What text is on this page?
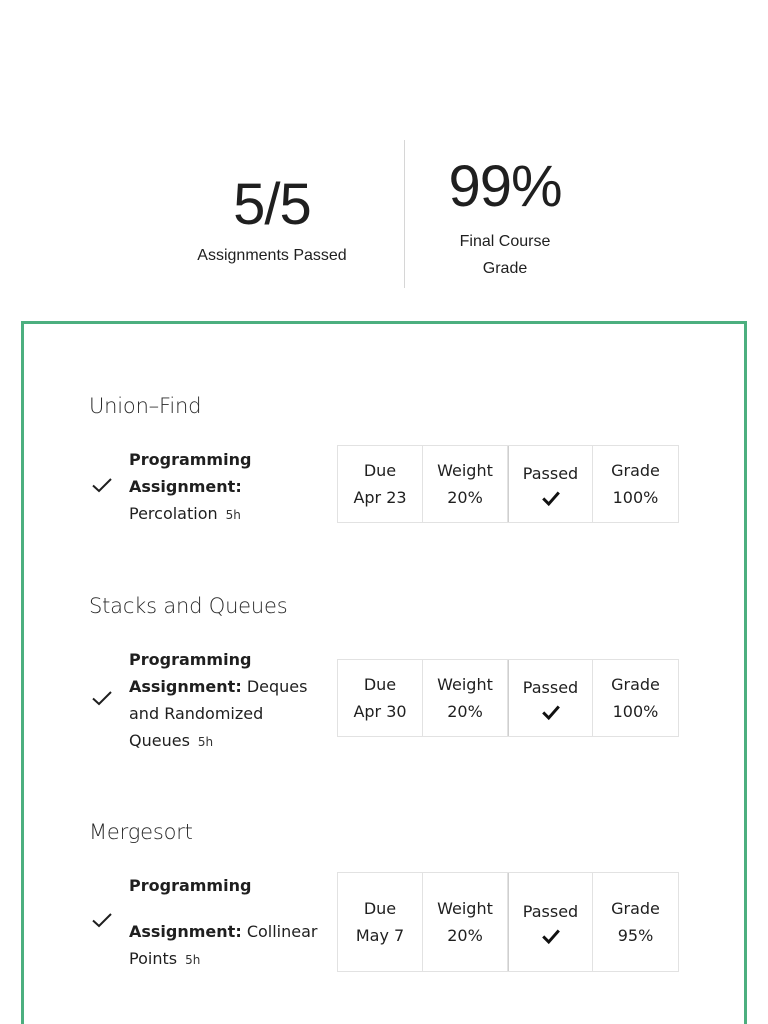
5/5
Assignments Passed
99%
Final Course Grade
Union–Find
Programming Assignment:
Percolation 5h
Due
Apr 23
Weight
20%
Passed Grade
100%
Stacks and Queues
Programming Assignment: Deques and Randomized Queues 5h
Due
Apr 30
Weight
20%
Passed Grade
100%
Mergesort
Programming

Assignment: Collinear Points 5h
Due
May 7
Weight
20%
Passed Grade
95%
